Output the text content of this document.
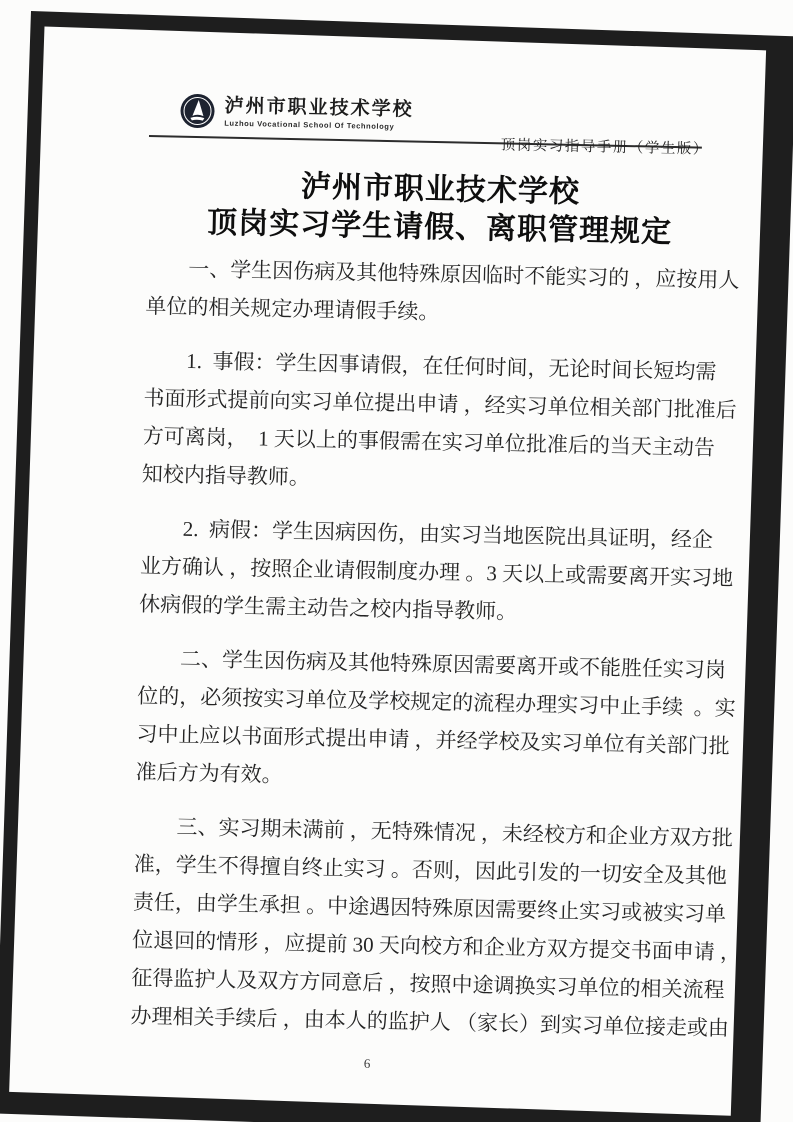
泸州市职业技术学校
Luzhou Vocational School Of Technology
顶岗实习指导手册（学生版）
泸州市职业技术学校
顶岗实习学生请假、离职管理规定
一、学生因伤病及其他特殊原因临时不能实习的 ，应按用人
单位的相关规定办理请假手续。
1.  事假：学生因事请假，在任何时间，无论时间长短均需
书面形式提前向实习单位提出申请 ，经实习单位相关部门批准后
方可离岗，  1 天以上的事假需在实习单位批准后的当天主动告
知校内指导教师。
2.  病假：学生因病因伤，由实习当地医院出具证明，经企
业方确认 ，按照企业请假制度办理 。3 天以上或需要离开实习地
休病假的学生需主动告之校内指导教师。
二、学生因伤病及其他特殊原因需要离开或不能胜任实习岗
位的，必须按实习单位及学校规定的流程办理实习中止手续  。实
习中止应以书面形式提出申请 ，并经学校及实习单位有关部门批
准后方为有效。
三、实习期未满前 ，无特殊情况 ，未经校方和企业方双方批
准，学生不得擅自终止实习 。否则，因此引发的一切安全及其他
责任，由学生承担 。中途遇因特殊原因需要终止实习或被实习单
位退回的情形 ，应提前 30 天向校方和企业方双方提交书面申请 ，
征得监护人及双方方同意后 ，按照中途调换实习单位的相关流程
办理相关手续后 ，由本人的监护人 （家长）到实习单位接走或由
6
